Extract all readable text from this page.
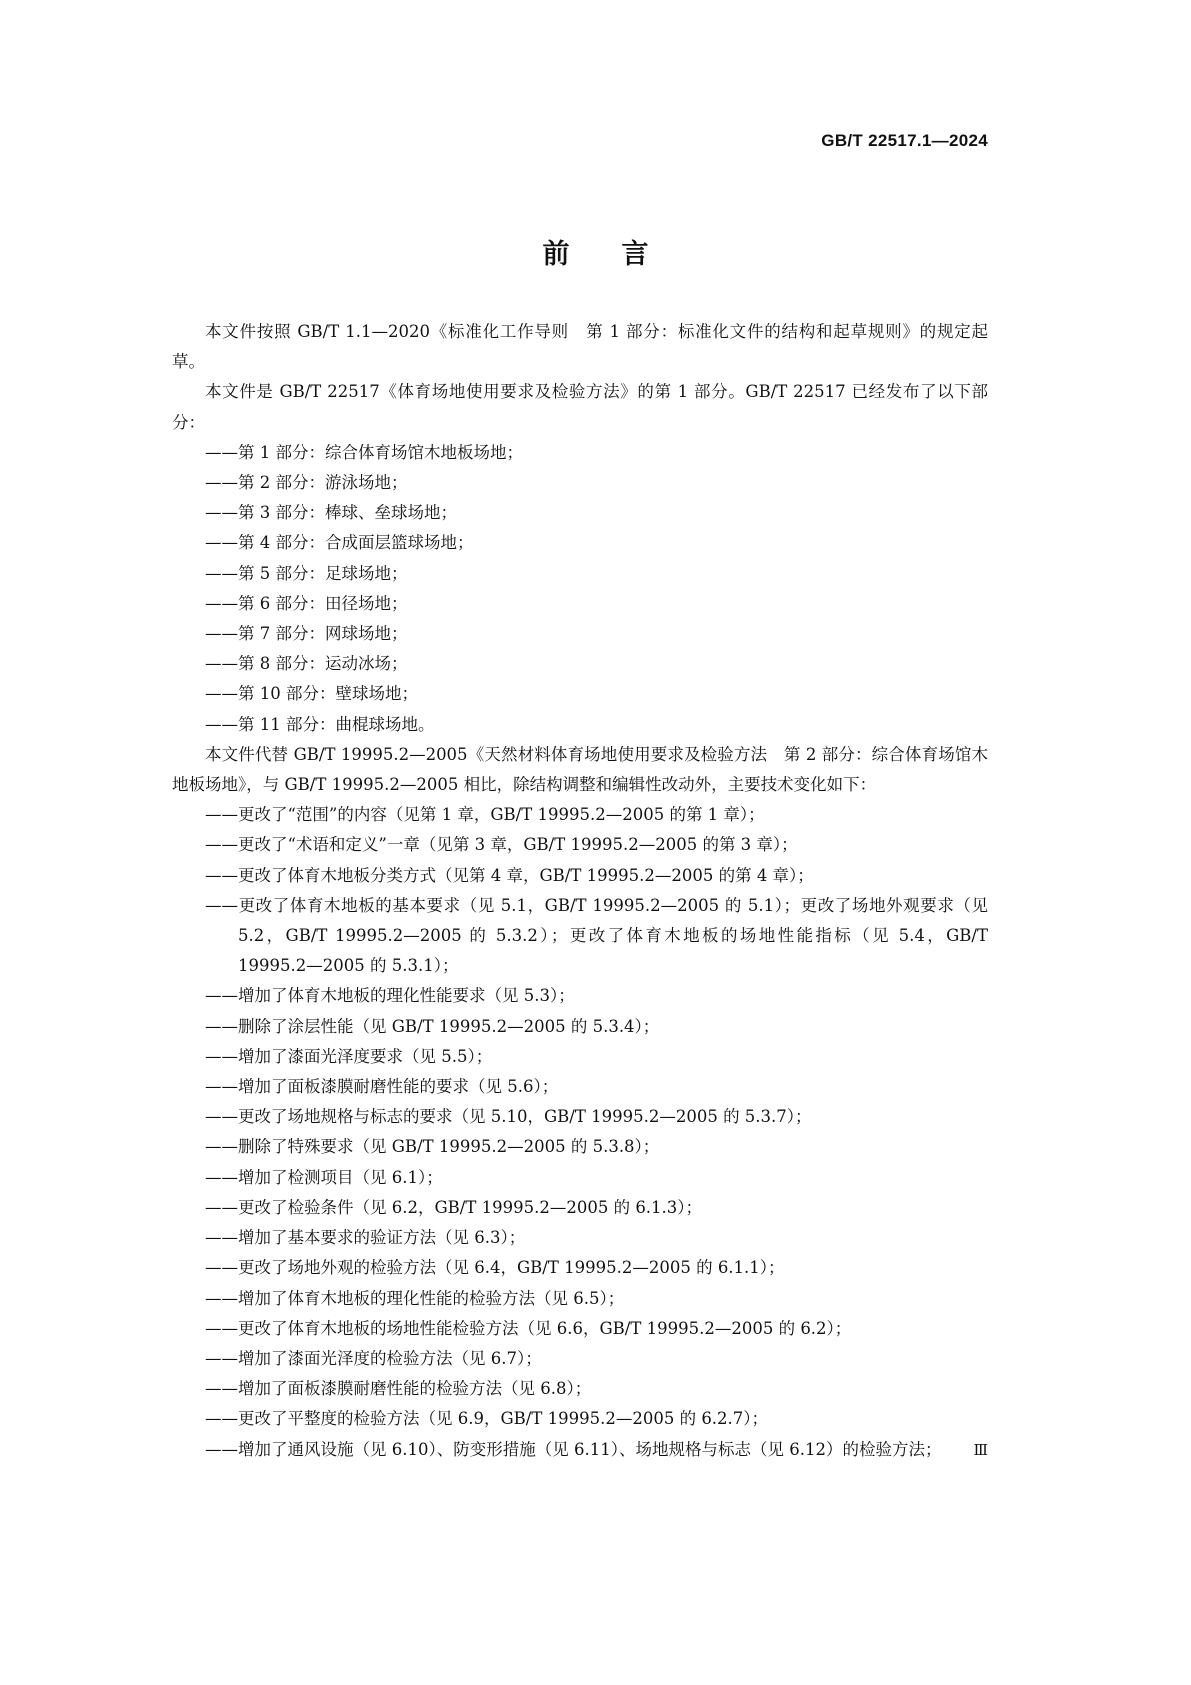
GB/T 22517.1—2024
前言
本文件按照 GB/T 1.1—2020《标准化工作导则　第 1 部分：标准化文件的结构和起草规则》的规定起草。
本文件是 GB/T 22517《体育场地使用要求及检验方法》的第 1 部分。GB/T 22517 已经发布了以下部分：
——第 1 部分：综合体育场馆木地板场地；
——第 2 部分：游泳场地；
——第 3 部分：棒球、垒球场地；
——第 4 部分：合成面层篮球场地；
——第 5 部分：足球场地；
——第 6 部分：田径场地；
——第 7 部分：网球场地；
——第 8 部分：运动冰场；
——第 10 部分：壁球场地；
——第 11 部分：曲棍球场地。
本文件代替 GB/T 19995.2—2005《天然材料体育场地使用要求及检验方法　第 2 部分：综合体育场馆木地板场地》，与 GB/T 19995.2—2005 相比，除结构调整和编辑性改动外，主要技术变化如下：
——更改了“范围”的内容（见第 1 章，GB/T 19995.2—2005 的第 1 章）；
——更改了“术语和定义”一章（见第 3 章，GB/T 19995.2—2005 的第 3 章）；
——更改了体育木地板分类方式（见第 4 章，GB/T 19995.2—2005 的第 4 章）；
——更改了体育木地板的基本要求（见 5.1，GB/T 19995.2—2005 的 5.1）；更改了场地外观要求（见 5.2，GB/T 19995.2—2005 的 5.3.2）；更改了体育木地板的场地性能指标（见 5.4，GB/T 19995.2—2005 的 5.3.1）；
——增加了体育木地板的理化性能要求（见 5.3）；
——删除了涂层性能（见 GB/T 19995.2—2005 的 5.3.4）；
——增加了漆面光泽度要求（见 5.5）；
——增加了面板漆膜耐磨性能的要求（见 5.6）；
——更改了场地规格与标志的要求（见 5.10，GB/T 19995.2—2005 的 5.3.7）；
——删除了特殊要求（见 GB/T 19995.2—2005 的 5.3.8）；
——增加了检测项目（见 6.1）；
——更改了检验条件（见 6.2，GB/T 19995.2—2005 的 6.1.3）；
——增加了基本要求的验证方法（见 6.3）；
——更改了场地外观的检验方法（见 6.4，GB/T 19995.2—2005 的 6.1.1）；
——增加了体育木地板的理化性能的检验方法（见 6.5）；
——更改了体育木地板的场地性能检验方法（见 6.6，GB/T 19995.2—2005 的 6.2）；
——增加了漆面光泽度的检验方法（见 6.7）；
——增加了面板漆膜耐磨性能的检验方法（见 6.8）；
——更改了平整度的检验方法（见 6.9，GB/T 19995.2—2005 的 6.2.7）；
——增加了通风设施（见 6.10）、防变形措施（见 6.11）、场地规格与标志（见 6.12）的检验方法；	Ⅲ
